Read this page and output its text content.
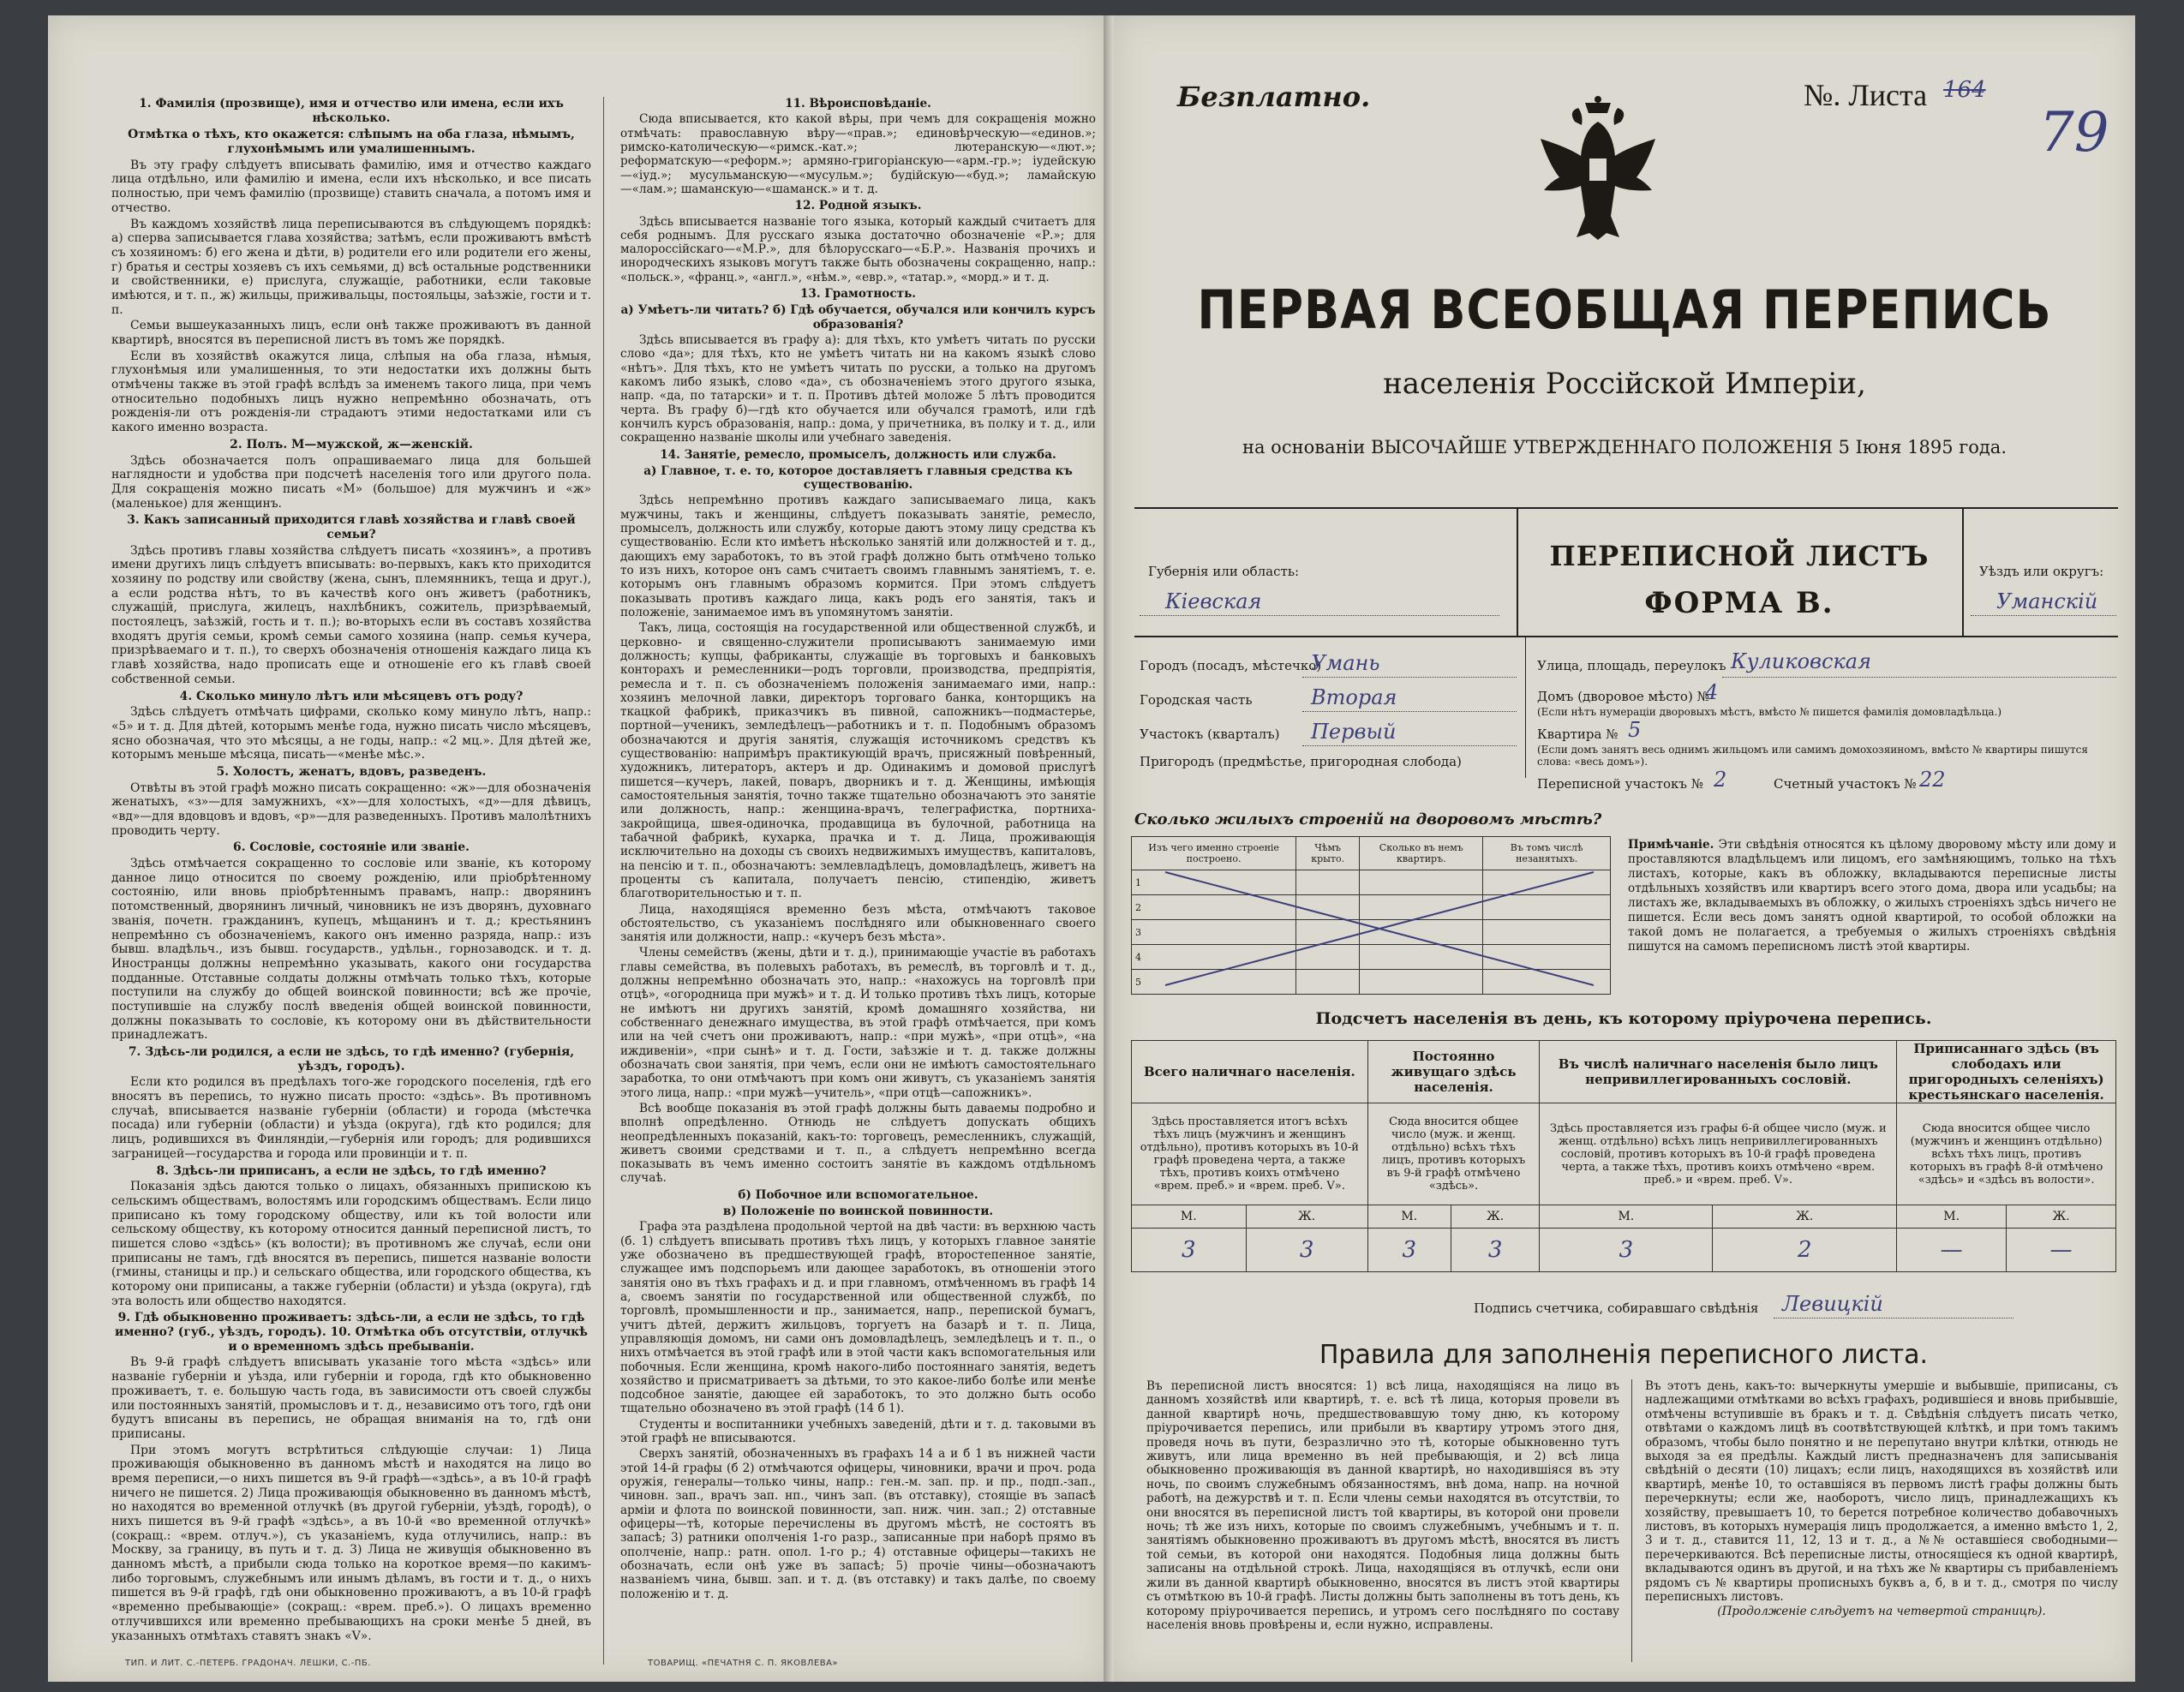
1. Фамилія (прозвище), имя и отчество или имена, если ихъ нѣсколько.
Отмѣтка о тѣхъ, кто окажется: слѣпымъ на оба глаза, нѣмымъ, глухонѣмымъ или умалишеннымъ.
Въ эту графу слѣдуетъ вписывать фамилію, имя и отчество каждаго лица отдѣльно, или фамилію и имена, если ихъ нѣсколько, и все писать полностью, при чемъ фамилію (прозвище) ставить сначала, а потомъ имя и отчество.
Въ каждомъ хозяйствѣ лица переписываются въ слѣдующемъ порядкѣ: а) сперва записывается глава хозяйства; затѣмъ, если проживаютъ вмѣстѣ съ хозяиномъ: б) его жена и дѣти, в) родители его или родители его жены, г) братья и сестры хозяевъ съ ихъ семьями, д) всѣ остальные родственники и свойственники, е) прислуга, служащіе, работники, если таковые имѣются, и т. п., ж) жильцы, приживальцы, постояльцы, заѣзжіе, гости и т. п.
Семьи вышеуказанныхъ лицъ, если онѣ также проживаютъ въ данной квартирѣ, вносятся въ переписной листъ въ томъ же порядкѣ.
Если въ хозяйствѣ окажутся лица, слѣпыя на оба глаза, нѣмыя, глухонѣмыя или умалишенныя, то эти недостатки ихъ должны быть отмѣчены также въ этой графѣ вслѣдъ за именемъ такого лица, при чемъ относительно подобныхъ лицъ нужно непремѣнно обозначать, отъ рожденія-ли отъ рожденія-ли страдаютъ этими недостатками или съ какого именно возраста.
2. Полъ. М—мужской, ж—женскій.
Здѣсь обозначается полъ опрашиваемаго лица для большей наглядности и удобства при подсчетѣ населенія того или другого пола. Для сокращенія можно писать «М» (большое) для мужчинъ и «ж» (маленькое) для женщинъ.
3. Какъ записанный приходится главѣ хозяйства и главѣ своей семьи?
Здѣсь противъ главы хозяйства слѣдуетъ писать «хозяинъ», а противъ имени другихъ лицъ слѣдуетъ вписывать: во-первыхъ, какъ кто приходится хозяину по родству или свойству (жена, сынъ, племянникъ, теща и друг.), а если родства нѣтъ, то въ качествѣ кого онъ живетъ (работникъ, служащій, прислуга, жилецъ, нахлѣбникъ, сожитель, призрѣваемый, постоялецъ, заѣзжій, гость и т. п.); во-вторыхъ если въ составъ хозяйства входятъ другія семьи, кромѣ семьи самого хозяина (напр. семья кучера, призрѣваемаго и т. п.), то сверхъ обозначенія отношенія каждаго лица къ главѣ хозяйства, надо прописать еще и отношеніе его къ главѣ своей собственной семьи.
4. Сколько минуло лѣтъ или мѣсяцевъ отъ роду?
Здѣсь слѣдуетъ отмѣчать цифрами, сколько кому минуло лѣтъ, напр.: «5» и т. д. Для дѣтей, которымъ менѣе года, нужно писать число мѣсяцевъ, ясно обозначая, что это мѣсяцы, а не годы, напр.: «2 мц.». Для дѣтей же, которымъ меньше мѣсяца, писать—«менѣе мѣс.».
5. Холостъ, женатъ, вдовъ, разведенъ.
Отвѣты въ этой графѣ можно писать сокращенно: «ж»—для обозначенія женатыхъ, «з»—для замужнихъ, «х»—для холостыхъ, «д»—для дѣвицъ, «вд»—для вдовцовъ и вдовъ, «р»—для разведенныхъ. Противъ малолѣтнихъ проводить черту.
6. Сословіе, состояніе или званіе.
Здѣсь отмѣчается сокращенно то сословіе или званіе, къ которому данное лицо относится по своему рожденію, или пріобрѣтенному состоянію, или вновь пріобрѣтеннымъ правамъ, напр.: дворянинъ потомственный, дворянинъ личный, чиновникъ не изъ дворянъ, духовнаго званія, почетн. гражданинъ, купецъ, мѣщанинъ и т. д.; крестьянинъ непремѣнно съ обозначеніемъ, какого онъ именно разряда, напр.: изъ бывш. владѣльч., изъ бывш. государств., удѣльн., горнозаводск. и т. д. Иностранцы должны непремѣнно указывать, какого они государства подданные. Отставные солдаты должны отмѣчать только тѣхъ, которые поступили на службу до общей воинской повинности; всѣ же прочіе, поступившіе на службу послѣ введенія общей воинской повинности, должны показывать то сословіе, къ которому они въ дѣйствительности принадлежатъ.
7. Здѣсь-ли родился, а если не здѣсь, то гдѣ именно? (губернія, уѣздъ, городъ).
Если кто родился въ предѣлахъ того-же городского поселенія, гдѣ его вносятъ въ перепись, то нужно писать просто: «здѣсь». Въ противномъ случаѣ, вписывается названіе губерніи (области) и города (мѣстечка посада) или губерніи (области) и уѣзда (округа), гдѣ кто родился; для лицъ, родившихся въ Финляндіи,—губернія или городъ; для родившихся заграницей—государства и города или провинціи и т. п.
8. Здѣсь-ли приписанъ, а если не здѣсь, то гдѣ именно?
Показанія здѣсь даются только о лицахъ, обязанныхъ припискою къ сельскимъ обществамъ, волостямъ или городскимъ обществамъ. Если лицо приписано къ тому городскому обществу, или къ той волости или сельскому обществу, къ которому относится данный переписной листъ, то пишется слово «здѣсь» (къ волости); въ противномъ же случаѣ, если они приписаны не тамъ, гдѣ вносятся въ перепись, пишется названіе волости (гмины, станицы и пр.) и сельскаго общества, или городского общества, къ которому они приписаны, а также губерніи (области) и уѣзда (округа), гдѣ эта волость или общество находятся.
9. Гдѣ обыкновенно проживаетъ: здѣсь-ли, а если не здѣсь, то гдѣ именно? (губ., уѣздъ, городъ). 10. Отмѣтка объ отсутствіи, отлучкѣ и о временномъ здѣсь пребываніи.
Въ 9-й графѣ слѣдуетъ вписывать указаніе того мѣста «здѣсь» или названіе губерніи и уѣзда, или губерніи и города, гдѣ кто обыкновенно проживаетъ, т. е. большую часть года, въ зависимости отъ своей службы или постоянныхъ занятій, промысловъ и т. д., независимо отъ того, гдѣ они будутъ вписаны въ перепись, не обращая вниманія на то, гдѣ они приписаны.
При этомъ могутъ встрѣтиться слѣдующіе случаи: 1) Лица проживающія обыкновенно въ данномъ мѣстѣ и находятся на лицо во время переписи,—о нихъ пишется въ 9-й графѣ—«здѣсь», а въ 10-й графѣ ничего не пишется. 2) Лица проживающія обыкновенно въ данномъ мѣстѣ, но находятся во временной отлучкѣ (въ другой губерніи, уѣздѣ, городѣ), о нихъ пишется въ 9-й графѣ «здѣсь», а въ 10-й «во временной отлучкѣ» (сокращ.: «врем. отлуч.»), съ указаніемъ, куда отлучились, напр.: въ Москву, за границу, въ путь и т. д. 3) Лица не живущія обыкновенно въ данномъ мѣстѣ, а прибыли сюда только на короткое время—по какимъ-либо торговымъ, служебнымъ или инымъ дѣламъ, въ гости и т. д., о нихъ пишется въ 9-й графѣ, гдѣ они обыкновенно проживаютъ, а въ 10-й графѣ «временно пребывающіе» (сокращ.: «врем. преб.»). О лицахъ временно отлучившихся или временно пребывающихъ на сроки менѣе 5 дней, въ указанныхъ отмѣтахъ ставятъ знакъ «V».
11. Вѣроисповѣданіе.
Сюда вписывается, кто какой вѣры, при чемъ для сокращенія можно отмѣчать: православную вѣру—«прав.»; единовѣрческую—«единов.»; римско-католическую—«римск.-кат.»; лютеранскую—«лют.»; реформатскую—«реформ.»; армяно-григоріанскую—«арм.-гр.»; іудейскую—«іуд.»; мусульманскую—«мусульм.»; будійскую—«буд.»; ламайскую—«лам.»; шаманскую—«шаманск.» и т. д.
12. Родной языкъ.
Здѣсь вписывается названіе того языка, который каждый считаетъ для себя роднымъ. Для русскаго языка достаточно обозначеніе «Р.»; для малороссійскаго—«М.Р.», для бѣлорусскаго—«Б.Р.». Названія прочихъ и инородческихъ языковъ могутъ также быть обозначены сокращенно, напр.: «польск.», «франц.», «англ.», «нѣм.», «евр.», «татар.», «морд.» и т. д.
13. Грамотность.
а) Умѣетъ-ли читать? б) Гдѣ обучается, обучался или кончилъ курсъ образованія?
Здѣсь вписывается въ графу а): для тѣхъ, кто умѣетъ читать по русски слово «да»; для тѣхъ, кто не умѣетъ читать ни на какомъ языкѣ слово «нѣтъ». Для тѣхъ, кто не умѣетъ читать по русски, а только на другомъ какомъ либо языкѣ, слово «да», съ обозначеніемъ этого другого языка, напр. «да, по татарски» и т. п. Противъ дѣтей моложе 5 лѣтъ проводится черта. Въ графу б)—гдѣ кто обучается или обучался грамотѣ, или гдѣ кончилъ курсъ образованія, напр.: дома, у причетника, въ полку и т. д., или сокращенно названіе школы или учебнаго заведенія.
14. Занятіе, ремесло, промыселъ, должность или служба.
а) Главное, т. е. то, которое доставляетъ главныя средства къ существованію.
Здѣсь непремѣнно противъ каждаго записываемаго лица, какъ мужчины, такъ и женщины, слѣдуетъ показывать занятіе, ремесло, промыселъ, должность или службу, которые даютъ этому лицу средства къ существованію. Если кто имѣетъ нѣсколько занятій или должностей и т. д., дающихъ ему заработокъ, то въ этой графѣ должно быть отмѣчено только то изъ нихъ, которое онъ самъ считаетъ своимъ главнымъ занятіемъ, т. е. которымъ онъ главнымъ образомъ кормится. При этомъ слѣдуетъ показывать противъ каждаго лица, какъ родъ его занятія, такъ и положеніе, занимаемое имъ въ упомянутомъ занятіи.
Такъ, лица, состоящія на государственной или общественной службѣ, и церковно- и священно-служители прописываютъ занимаемую ими должность; купцы, фабриканты, служащіе въ торговыхъ и банковыхъ конторахъ и ремесленники—родъ торговли, производства, предпріятія, ремесла и т. п. съ обозначеніемъ положенія занимаемаго ими, напр.: хозяинъ мелочной лавки, директоръ торговаго банка, конторщикъ на ткацкой фабрикѣ, приказчикъ въ пивной, сапожникъ—подмастерье, портной—ученикъ, земледѣлецъ—работникъ и т. п. Подобнымъ образомъ обозначаются и другія занятія, служащія источникомъ средствъ къ существованію: напримѣръ практикующій врачъ, присяжный повѣренный, художникъ, литераторъ, актеръ и др. Одинакимъ и домовой прислугѣ пишется—кучеръ, лакей, поваръ, дворникъ и т. д. Женщины, имѣющія самостоятельныя занятія, точно также тщательно обозначаютъ это занятіе или должность, напр.: женщина-врачъ, телеграфистка, портниха-закройщица, швея-одиночка, продавщица въ булочной, работница на табачной фабрикѣ, кухарка, прачка и т. д. Лица, проживающія исключительно на доходы съ своихъ недвижимыхъ имуществъ, капиталовъ, на пенсію и т. п., обозначаютъ: землевладѣлецъ, домовладѣлецъ, живетъ на проценты съ капитала, получаетъ пенсію, стипендію, живетъ благотворительностью и т. п.
Лица, находящіяся временно безъ мѣста, отмѣчаютъ таковое обстоятельство, съ указаніемъ послѣдняго или обыкновеннаго своего занятія или должности, напр.: «кучеръ безъ мѣста».
Члены семействъ (жены, дѣти и т. д.), принимающіе участіе въ работахъ главы семейства, въ полевыхъ работахъ, въ ремеслѣ, въ торговлѣ и т. д., должны непремѣнно обозначать это, напр.: «нахожусь на торговлѣ при отцѣ», «огородница при мужѣ» и т. д. И только противъ тѣхъ лицъ, которые не имѣютъ ни другихъ занятій, кромѣ домашняго хозяйства, ни собственнаго денежнаго имущества, въ этой графѣ отмѣчается, при комъ или на чей счетъ они проживаютъ, напр.: «при мужѣ», «при отцѣ», «на иждивеніи», «при сынѣ» и т. д. Гости, заѣзжіе и т. д. также должны обозначать свои занятія, при чемъ, если они не имѣютъ самостоятельнаго заработка, то они отмѣчаютъ при комъ они живутъ, съ указаніемъ занятія этого лица, напр.: «при мужѣ—учитель», «при отцѣ—сапожникъ».
Всѣ вообще показанія въ этой графѣ должны быть даваемы подробно и вполнѣ опредѣленно. Отнюдь не слѣдуетъ допускать общихъ неопредѣленныхъ показаній, какъ-то: торговецъ, ремесленникъ, служащій, живетъ своими средствами и т. п., а слѣдуетъ непремѣнно всегда показывать въ чемъ именно состоитъ занятіе въ каждомъ отдѣльномъ случаѣ.
б) Побочное или вспомогательное.
в) Положеніе по воинской повинности.
Графа эта раздѣлена продольной чертой на двѣ части: въ верхнюю часть (б. 1) слѣдуетъ вписывать противъ тѣхъ лицъ, у которыхъ главное занятіе уже обозначено въ предшествующей графѣ, второстепенное занятіе, служащее имъ подспорьемъ или дающее заработокъ, въ отношеніи этого занятія оно въ тѣхъ графахъ и д. и при главномъ, отмѣченномъ въ графѣ 14 а, своемъ занятіи по государственной или общественной службѣ, по торговлѣ, промышленности и пр., занимается, напр., перепиской бумагъ, учитъ дѣтей, держитъ жильцовъ, торгуетъ на базарѣ и т. п. Лица, управляющія домомъ, ни сами онъ домовладѣлецъ, земледѣлецъ и т. п., о нихъ отмѣчается въ этой графѣ или в этой части какъ вспомогательныя или побочныя. Если женщина, кромѣ накого-либо постояннаго занятія, ведетъ хозяйство и присматриваетъ за дѣтьми, то это какое-либо болѣе или менѣе подсобное занятіе, дающее ей заработокъ, то это должно быть особо тщательно обозначено въ этой графѣ (14 б 1).
Студенты и воспитанники учебныхъ заведеній, дѣти и т. д. таковыми въ этой графѣ не вписываются.
Сверхъ занятій, обозначенныхъ въ графахъ 14 а и б 1 въ нижней части этой 14-й графы (б 2) отмѣчаются офицеры, чиновники, врачи и проч. рода оружія, генералы—только чины, напр.: ген.-м. зап. пр. и пр., подп.-зап., чиновн. зап., врачъ зап. нп., чинъ зап. (въ отставку), стоящіе въ запасѣ арміи и флота по воинской повинности, зап. ниж. чин. зап.; 2) отставные офицеры—тѣ, которые перечислены въ другомъ мѣстѣ, не состоятъ въ запасѣ; 3) ратники ополченія 1-го разр., записанные при наборѣ прямо въ ополченіе, напр.: ратн. опол. 1-го р.; 4) отставные офицеры—такихъ не обозначать, если онѣ уже въ запасѣ; 5) прочіе чины—обозначаютъ названіемъ чина, бывш. зап. и т. д. (въ отставку) и такъ далѣе, по своему положенію и т. д.
ТИП. И ЛИТ. С.-ПЕТЕРБ. ГРАДОНАЧ. ЛЕШКИ, С.-ПБ.	ТОВАРИЩ. «ПЕЧАТНЯ С. П. ЯКОВЛЕВА»
Безплатно.	№. Листа 164
79
ПЕРВАЯ ВСЕОБЩАЯ ПЕРЕПИСЬ
населенія Россійской Имперіи,
на основаніи ВЫСОЧАЙШЕ УТВЕРЖДЕННАГО ПОЛОЖЕНІЯ 5 Іюня 1895 года.
ПЕРЕПИСНОЙ ЛИСТЪ
ФОРМА В.
Губернія или область:
Кіевская
Уѣздъ или округъ:
Уманскій
Городъ (посадъ, мѣстечко)
Умань
Городская часть	Вторая
Участокъ (кварталъ) Первый
Пригородъ (предмѣстье, пригородная слобода)
Улица, площадь, переулокъ Куликовская
Домъ (дворовое мѣсто) №
4
(Если нѣтъ нумераціи дворовыхъ мѣстъ, вмѣсто № пишется фамилія домовладѣльца.)
Квартира № 5
(Если домъ занятъ весь однимъ жильцомъ или самимъ домохозяиномъ, вмѣсто № квартиры пишутся слова: «весь домъ»).
Переписной участокъ № 2	Счетный участокъ № 22
Сколько жилыхъ строеній на дворовомъ мѣстѣ?
Изъ чего именно строеніе построено.	Чѣмъ крыто.	Сколько въ немъ квартиръ.	Въ томъ числѣ незанятыхъ.
1			
2			
3			
4			
5			
Примѣчаніе. Эти свѣдѣнія относятся къ цѣлому дворовому мѣсту или дому и проставляются владѣльцемъ или лицомъ, его замѣняющимъ, только на тѣхъ листахъ, которые, какъ въ обложку, вкладываются переписные листы отдѣльныхъ хозяйствъ или квартиръ всего этого дома, двора или усадьбы; на листахъ же, вкладываемыхъ въ обложку, о жилыхъ строеніяхъ здѣсь ничего не пишется. Если весь домъ занятъ одной квартирой, то особой обложки на такой домъ не полагается, а требуемыя о жилыхъ строеніяхъ свѣдѣнія пишутся на самомъ переписномъ листѣ этой квартиры.
Подсчетъ населенія въ день, къ которому пріурочена перепись.
Всего наличнаго населенія.		Постоянно живущаго здѣсь населенія.		Въ числѣ наличнаго населенія было лицъ непривиллегированныхъ сословій.		Приписаннаго здѣсь (въ слободахъ или пригородныхъ селеніяхъ) крестьянскаго населенія.	
Здѣсь проставляется итогъ всѣхъ тѣхъ лицъ (мужчинъ и женщинъ отдѣльно), противъ которыхъ въ 10-й графѣ проведена черта, а также тѣхъ, противъ коихъ отмѣчено «врем. преб.» и «врем. преб. V».		Сюда вносится общее число (муж. и женщ. отдѣльно) всѣхъ тѣхъ лицъ, противъ которыхъ въ 9-й графѣ отмѣчено «здѣсь».		Здѣсь проставляется изъ графы 6-й общее число (муж. и женщ. отдѣльно) всѣхъ лицъ непривиллегированныхъ сословій, противъ которыхъ въ 10-й графѣ проведена черта, а также тѣхъ, противъ коихъ отмѣчено «врем. преб.» и «врем. преб. V».		Сюда вносится общее число (мужчинъ и женщинъ отдѣльно) всѣхъ тѣхъ лицъ, противъ которыхъ въ графѣ 8-й отмѣчено «здѣсь» и «здѣсь въ волости».	
М.	Ж.	М.	Ж.	М.	Ж.	М.	Ж.
3	3	3	3	3	2	—	—
Подпись счетчика, собиравшаго свѣдѣнія Левицкій
Правила для заполненія переписного листа.
Въ переписной листъ вносятся: 1) всѣ лица, находящіяся на лицо въ данномъ хозяйствѣ или квартирѣ, т. е. всѣ тѣ лица, которыя провели въ данной квартирѣ ночь, предшествовавшую тому дню, къ которому пріурочивается перепись, или прибыли въ квартиру утромъ этого дня, проведя ночь въ пути, безразлично это тѣ, которые обыкновенно тутъ живутъ, или лица временно въ ней пребывающія, и 2) всѣ лица обыкновенно проживающія въ данной квартирѣ, но находившіяся въ эту ночь, по своимъ служебнымъ обязанностямъ, внѣ дома, напр. на ночной работѣ, на дежурствѣ и т. п. Если члены семьи находятся въ отсутствіи, то они вносятся въ переписной листъ той квартиры, въ которой они провели ночь; тѣ же изъ нихъ, которые по своимъ служебнымъ, учебнымъ и т. п. занятіямъ обыкновенно проживаютъ въ другомъ мѣстѣ, вносятся въ листъ той семьи, въ которой они находятся. Подобныя лица должны быть записаны на отдѣльной строкѣ. Лица, находящіяся въ отлучкѣ, если они жили въ данной квартирѣ обыкновенно, вносятся въ листъ этой квартиры съ отмѣткою въ 10-й графѣ. Листы должны быть заполнены въ тотъ день, къ которому пріурочивается перепись, и утромъ сего послѣдняго по составу населенія вновь провѣрены и, если нужно, исправлены.
Въ этотъ день, какъ-то: вычеркнуты умершіе и выбывшіе, приписаны, съ надлежащими отмѣтками во всѣхъ графахъ, родившіеся и вновь прибывшіе, отмѣчены вступившіе въ бракъ и т. д. Свѣдѣнія слѣдуетъ писать четко, отвѣтами о каждомъ лицѣ въ соотвѣтствующей клѣткѣ, и при томъ такимъ образомъ, чтобы было понятно и не перепутано внутри клѣтки, отнюдь не выходя за ея предѣлы. Каждый листъ предназначенъ для записыванія свѣдѣній о десяти (10) лицахъ; если лицъ, находящихся въ хозяйствѣ или квартирѣ, менѣе 10, то оставшіяся въ первомъ листѣ графы должны быть перечеркнуты; если же, наоборотъ, число лицъ, принадлежащихъ къ хозяйству, превышаетъ 10, то берется потребное количество добавочныхъ листовъ, въ которыхъ нумерація лицъ продолжается, а именно вмѣсто 1, 2, 3 и т. д., ставится 11, 12, 13 и т. д., а №№ оставшіеся свободными—перечеркиваются. Всѣ переписные листы, относящіеся къ одной квартирѣ, вкладываются одинъ въ другой, и на тѣхъ же № квартиры съ прибавленіемъ рядомъ съ № квартиры прописныхъ буквъ а, б, в и т. д., смотря по числу переписныхъ листовъ.
(Продолженіе слѣдуетъ на четвертой страницѣ).
